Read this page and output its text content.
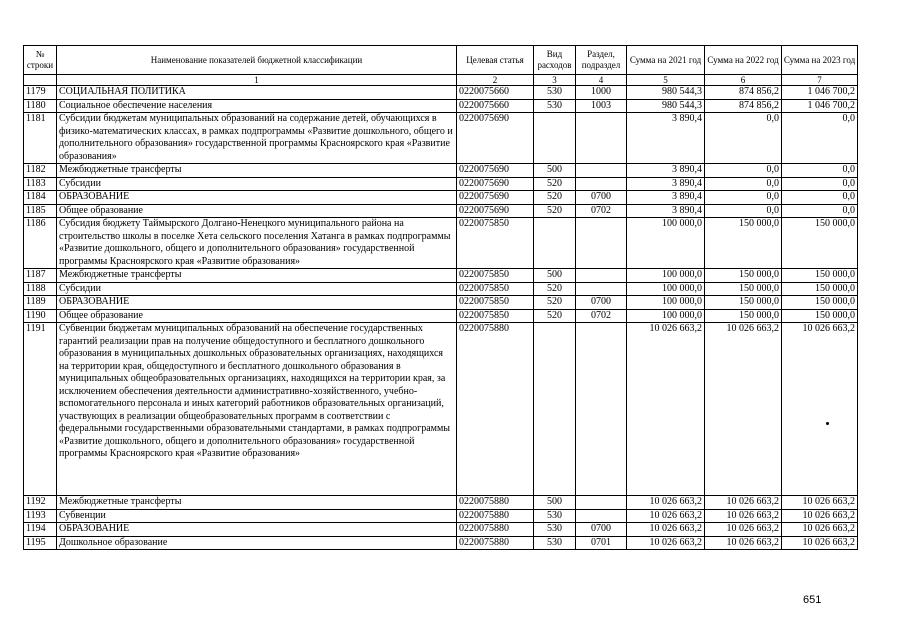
№ строки	Наименование показателей бюджетной классификации	Целевая статья	Вид расходов	Раздел, подраздел	Сумма на 2021 год	Сумма на 2022 год	Сумма на 2023 год
	1	2	3	4	5	6	7
1179	СОЦИАЛЬНАЯ ПОЛИТИКА	0220075660	530	1000	980 544,3	874 856,2	1 046 700,2
1180	Социальное обеспечение населения	0220075660	530	1003	980 544,3	874 856,2	1 046 700,2
1181	Субсидии бюджетам муниципальных образований на содержание детей, обучающихся в физико-математических классах, в рамках подпрограммы «Развитие дошкольного, общего и дополнительного образования» государственной программы Красноярского края «Развитие образования»	0220075690			3 890,4	0,0	0,0
1182	Межбюджетные трансферты	0220075690	500		3 890,4	0,0	0,0
1183	Субсидии	0220075690	520		3 890,4	0,0	0,0
1184	ОБРАЗОВАНИЕ	0220075690	520	0700	3 890,4	0,0	0,0
1185	Общее образование	0220075690	520	0702	3 890,4	0,0	0,0
1186	Субсидия бюджету Таймырского Долгано-Ненецкого муниципального района на строительство школы в поселке Хета сельского поселения Хатанга в рамках подпрограммы «Развитие дошкольного, общего и дополнительного образования» государственной программы Красноярского края «Развитие образования»	0220075850			100 000,0	150 000,0	150 000,0
1187	Межбюджетные трансферты	0220075850	500		100 000,0	150 000,0	150 000,0
1188	Субсидии	0220075850	520		100 000,0	150 000,0	150 000,0
1189	ОБРАЗОВАНИЕ	0220075850	520	0700	100 000,0	150 000,0	150 000,0
1190	Общее образование	0220075850	520	0702	100 000,0	150 000,0	150 000,0
1191	Субвенции бюджетам муниципальных образований на обеспечение государственных гарантий реализации прав на получение общедоступного и бесплатного дошкольного образования в муниципальных дошкольных образовательных организациях, находящихся на территории края, общедоступного и бесплатного дошкольного образования в муниципальных общеобразовательных организациях, находящихся на территории края, за исключением обеспечения деятельности административно-хозяйственного, учебно-вспомогательного персонала и иных категорий работников образовательных организаций, участвующих в реализации общеобразовательных программ в соответствии с федеральными государственными образовательными стандартами, в рамках подпрограммы «Развитие дошкольного, общего и дополнительного образования» государственной программы Красноярского края «Развитие образования»	0220075880			10 026 663,2	10 026 663,2	10 026 663,2
1192	Межбюджетные трансферты	0220075880	500		10 026 663,2	10 026 663,2	10 026 663,2
1193	Субвенции	0220075880	530		10 026 663,2	10 026 663,2	10 026 663,2
1194	ОБРАЗОВАНИЕ	0220075880	530	0700	10 026 663,2	10 026 663,2	10 026 663,2
1195	Дошкольное образование	0220075880	530	0701	10 026 663,2	10 026 663,2	10 026 663,2
651
